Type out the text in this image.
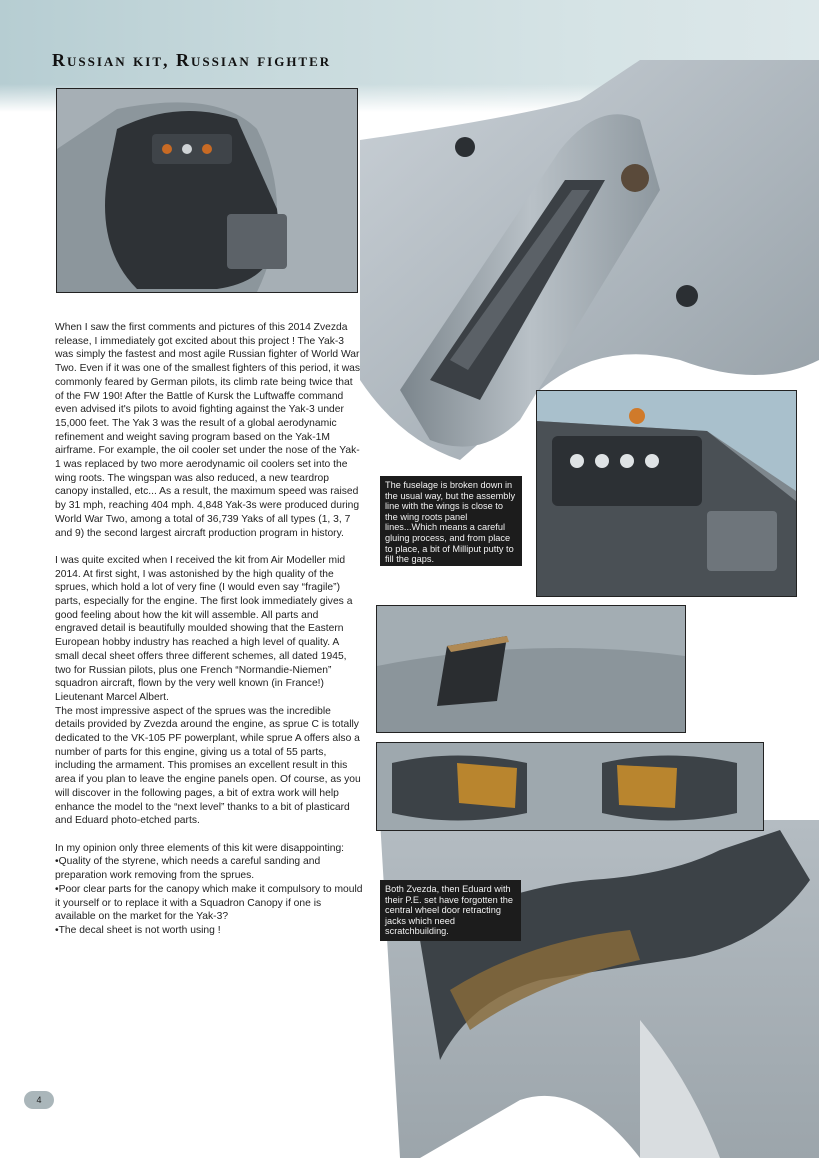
Russian kit, Russian fighter
The fuselage is broken down in the usual way, but the assembly line with the wings is close to the wing roots panel lines...Which means a careful gluing process, and from place to place, a bit of Milliput putty to fill the gaps.
Both Zvezda, then Eduard with their P.E. set have forgotten the central wheel door retracting jacks which need scratchbuilding.

When I saw the first comments and pictures of this 2014 Zvezda release, I immediately got excited about this project ! The Yak-3 was simply the fastest and most agile Russian fighter of World War Two. Even if it was one of the smallest fighters of this period, it was commonly feared by German pilots, its climb rate being twice that of the FW 190! After the Battle of Kursk the Luftwaffe command even advised it's pilots to avoid fighting against the Yak-3 under 15,000 feet. The Yak 3 was the result of a global aerodynamic refinement and weight saving program based on the Yak-1M airframe. For example, the oil cooler set under the nose of the Yak-1 was replaced by two more aerodynamic oil coolers set into the wing roots. The wingspan was also reduced, a new teardrop canopy installed, etc... As a result, the maximum speed was raised by 31 mph, reaching 404 mph. 4,848 Yak-3s were produced during World War Two, among a total of 36,739 Yaks of all types (1, 3, 7 and 9) the second largest aircraft production program in history.

I was quite excited when I received the kit from Air Modeller mid 2014. At first sight, I was astonished by the high quality of the sprues, which hold a lot of very fine (I would even say “fragile”) parts, especially for the engine. The first look immediately gives a good feeling about how the kit will assemble. All parts and engraved detail is beautifully moulded showing that the Eastern European hobby industry has reached a high level of quality. A small decal sheet offers three different schemes, all dated 1945, two for Russian pilots, plus one French “Normandie-Niemen” squadron aircraft, flown by the very well known (in France!) Lieutenant Marcel Albert.

The most impressive aspect of the sprues was the incredible details provided by Zvezda around the engine, as sprue C is totally dedicated to the VK-105 PF powerplant, while sprue A offers also a number of parts for this engine, giving us a total of 55 parts, including the armament. This promises an excellent result in this area if you plan to leave the engine panels open. Of course, as you will discover in the following pages, a bit of extra work will help enhance the model to the “next level” thanks to a bit of plasticard and Eduard photo-etched parts.

In my opinion only three elements of this kit were disappointing:

•Quality of the styrene, which needs a careful sanding and preparation work removing from the sprues.

•Poor clear parts for the canopy which make it compulsory to mould it yourself or to replace it with a Squadron Canopy if one is available on the market for the Yak-3?

•The decal sheet is not worth using !

4
